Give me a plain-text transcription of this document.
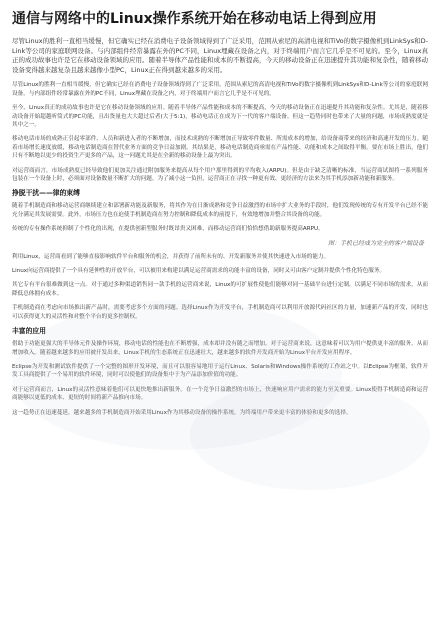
通信与网络中的Linux操作系统开始在移动电话上得到应用

尽管Linux的胜利一直相当缓慢，但它确实已经在消费电子设备领域得到了广泛采用，范围从索尼的高清电视和TiVo的数字摄像机到LinkSys和D-Link等公司的家庭联网设备。与内部组件经常暴露在外的PC不同，Linux埋藏在设备之内，对于终端用户而言它几乎是不可见的。至今，Linux真正的成功故事也许是它在移动设备领域的应用。随着半导体产品性能和成本的不断提高，今天的移动设备正在迅速提升其功能和复杂性，随着移动设备变得越来越复杂且越来越像小型PC，Linux正在得到越来越多的采用。

尽管Linux的胜利一直相当缓慢，但它确实已经在消费电子设备领域得到了广泛采用，范围从索尼的高清电视和TiVo的数字摄像机到LinkSys和D-Link等公司的家庭联网设备。与内部组件经常暴露在外的PC不同，Linux埋藏在设备之内，对于终端用户而言它几乎是不可见的。

至今，Linux真正的成功故事也许是它在移动设备领域的应用。随着半导体产品性能和成本的不断提高，今天的移动设备正在迅速提升其功能和复杂性。尤其是，随着移动设备开始超越听筒式的PC功能，且出货量也大大超过后者(大于5:1)，移动电话正在成为下一代的客户端设备。但这一趋势同时也带来了大量的问题，市场成熟度就是其中之一。

移动电话市场的成熟正引起零部件、人员和新进入者的不断增加，而技术成熟的不断增加正导致零件数量、所需成本的增加，给设备商带来的经济和高速开发的压力。随着市场增长速度放缓，移动电话制造商在替代业务方面的竞争日益加剧。其结果是，移动电话制造商亟需在产品性能、功能和成本之间取得平衡。要在市场上胜出，他们只有不断地以更少的投资生产更多的产品，这一问题尤其是在全新的移动设备上最为突出。

对运营商而言，市场成熟度已经导致他们更加关注通过附加服务来提高从每个用户那里得到的平均收入(ARPU)。但是由于缺乏清晰的标准，当运营商试图将一系列服务包装在一个设备上时，必须面对设备数量不断扩大的问题。为了减小这一负担，运营商正在寻找一种更有效、更经济的方法来为其手机添加新功能和新服务。

挣脱干扰——律的束缚

随着手机制造商和移动运营商继续建立和部署新功能及新服务，将其作为在日渐成熟和竞争日益激烈的市场中扩大业务的手段时，他们发现传统的专有开发平台已经不能充分满足其发展需要。此外，市场压力也在迫使手机制造商在努力控制和降低成本的前提下，有效地增加并整合其设备的功能。

传统的专有操作系统抑制了个性化的出现，在提供创新型服务时既昂贵又困难，而移动运营商们恰恰想借助新服务提高ARPU。

图：手机已经成为完全的客户端设备

利用Linux，运营商看到了能够直接影响软件平台和服务的机会，并获得了前所未有的、开发新服务并使其快速进入市场的能力。

Linux向运营商提供了一个具有延伸性的开放平台，可以被用来构建以满足运营商需求的功能丰富的设备，同时又可由客户定制并提供个性化特色服务。

其它专有平台很难做到这一点。对于通过多种渠道销售同一款手机的运营商来说，Linux的可扩展性使他们能够对同一基础平台进行定制，以满足不同市场的需求，从而降低总体拥有成本。

手机制造商在考虑向市场推出新产品时，需要考虑多个方面的问题。选择Linux作为开发平台，手机制造商可以利用开放源代码社区的力量，加速新产品的开发，同时也可以获得更大的灵活性和对整个平台的更多控制权。

丰富的应用

借助于功能更强大的半导体元件及操作环境，移动电话的性能也在不断增强，成本却并没有随之而增加。对于运营商来说，这意味着可以为用户提供更丰富的服务，从而增加收入。随着越来越多的应用被开发出来，Linux手机的生态系统正在迅速壮大，越来越多的软件开发商开始为Linux平台开发应用程序。

Eclipse为开发和测试软件提供了一个完整的图形开发环境，而且可以很容易地用于运行Linux、Solaris和Windows操作系统的工作站之中。以Eclipse为框架，软件开发工具商提供了一个易用的软件环境，同时可以使他们的设备集中于为产品添加价值的功能。

对于运营商而言，Linux的灵活性意味着他们可以更快地推出新服务。在一个竞争日益激烈的市场上，快速响应用户需求的能力至关重要。Linux使得手机制造商和运营商能够以更低的成本、更短的时间将新产品推向市场。

这一趋势正在迅速蔓延，越来越多的手机制造商开始采用Linux作为其移动设备的操作系统，为终端用户带来更丰富的体验和更多的选择。
